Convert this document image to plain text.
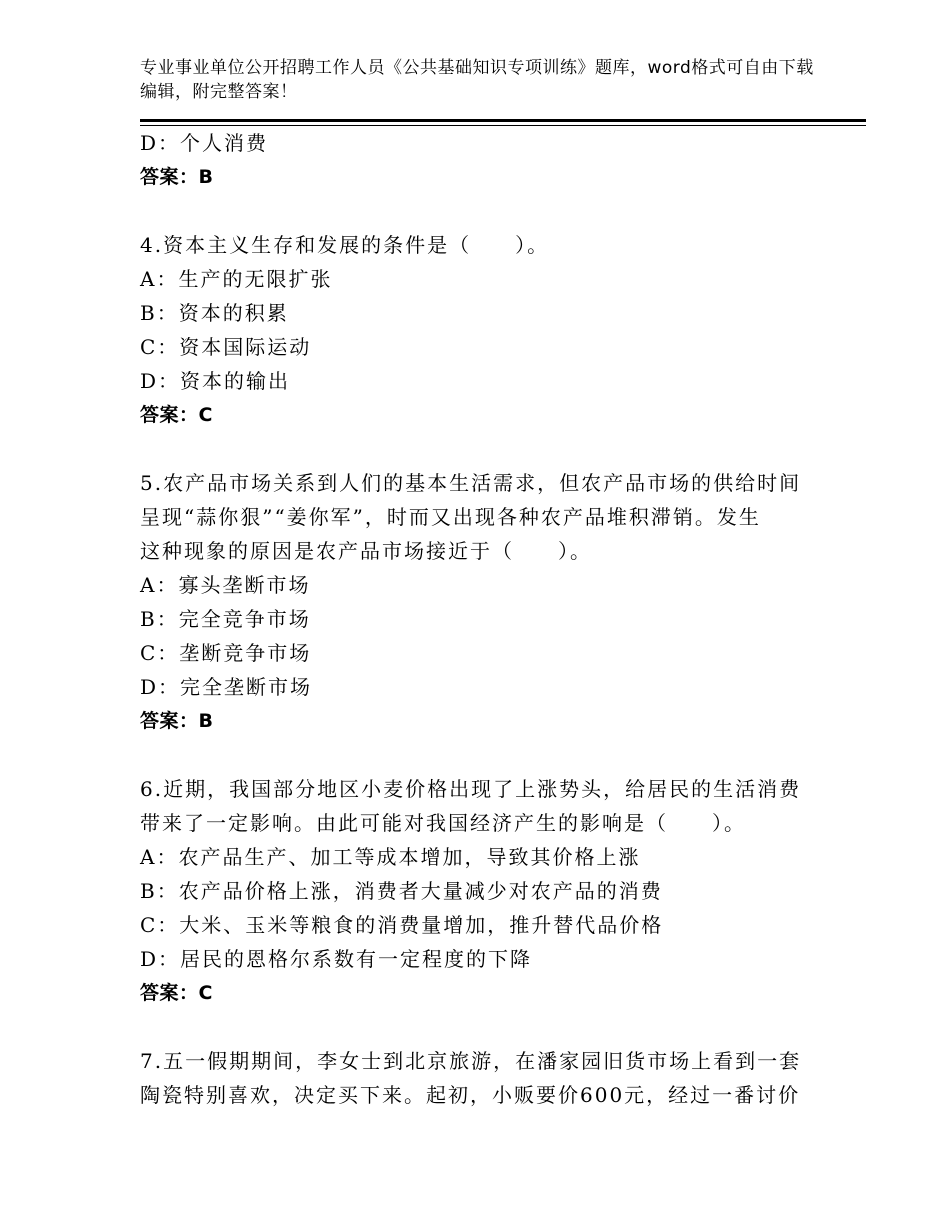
专业事业单位公开招聘工作人员《公共基础知识专项训练》题库，word格式可自由下载编辑，附完整答案！
D：个人消费
答案：B
4.资本主义生存和发展的条件是（　　）。
A：生产的无限扩张
B：资本的积累
C：资本国际运动
D：资本的输出
答案：C
5.农产品市场关系到人们的基本生活需求，但农产品市场的供给时间
呈现“蒜你狠”“姜你军”，时而又出现各种农产品堆积滞销。发生
这种现象的原因是农产品市场接近于（　　）。
A：寡头垄断市场
B：完全竞争市场
C：垄断竞争市场
D：完全垄断市场
答案：B
6.近期，我国部分地区小麦价格出现了上涨势头，给居民的生活消费
带来了一定影响。由此可能对我国经济产生的影响是（　　）。
A：农产品生产、加工等成本增加，导致其价格上涨
B：农产品价格上涨，消费者大量减少对农产品的消费
C：大米、玉米等粮食的消费量增加，推升替代品价格
D：居民的恩格尔系数有一定程度的下降
答案：C
7.五一假期期间，李女士到北京旅游，在潘家园旧货市场上看到一套
陶瓷特别喜欢，决定买下来。起初，小贩要价600元，经过一番讨价
